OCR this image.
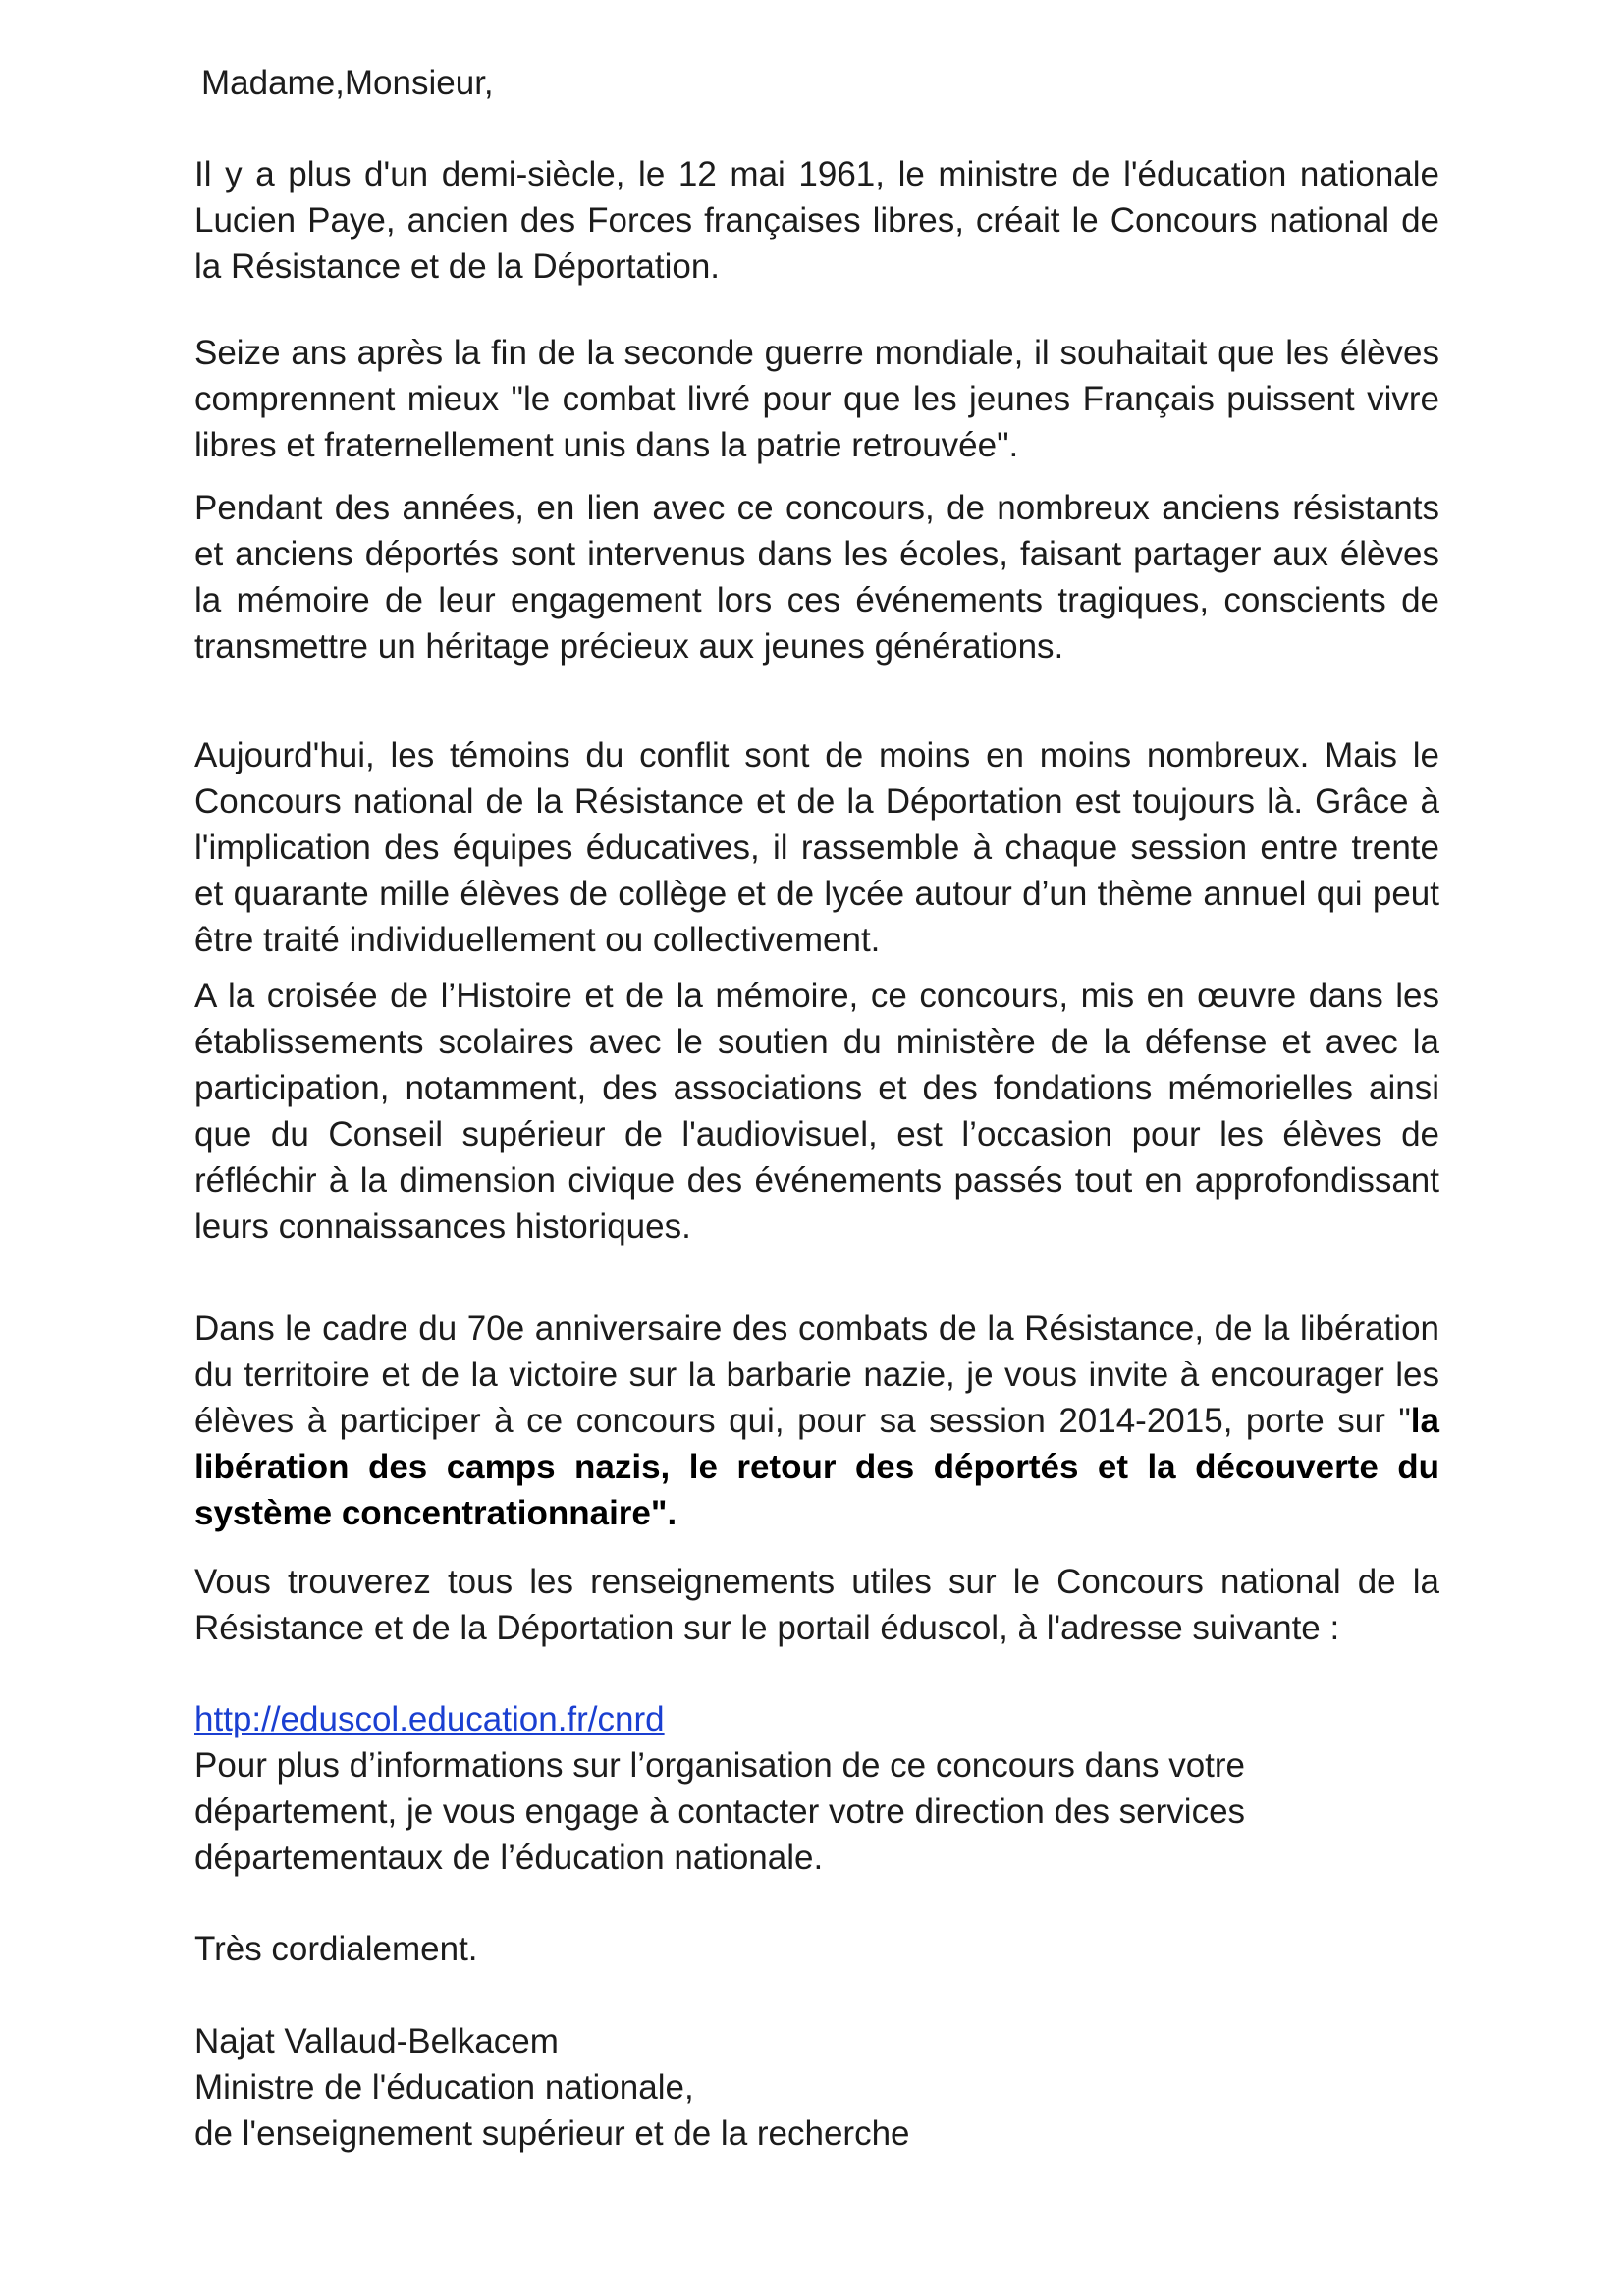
Madame,Monsieur,

Il y a plus d'un demi-siècle, le 12 mai 1961, le ministre de l'éducation nationale Lucien Paye, ancien des Forces françaises libres, créait le Concours national de la Résistance et de la Déportation.

Seize ans après la fin de la seconde guerre mondiale, il souhaitait que les élèves comprennent mieux "le combat livré pour que les jeunes Français puissent vivre libres et fraternellement unis dans la patrie retrouvée".

Pendant des années, en lien avec ce concours, de nombreux anciens résistants et anciens déportés sont intervenus dans les écoles, faisant partager aux élèves la mémoire de leur engagement lors ces événements tragiques, conscients de transmettre un héritage précieux aux jeunes générations.

Aujourd'hui, les témoins du conflit sont de moins en moins nombreux. Mais le Concours national de la Résistance et de la Déportation est toujours là. Grâce à l'implication des équipes éducatives, il rassemble à chaque session entre trente et quarante mille élèves de collège et de lycée autour d’un thème annuel qui peut être traité individuellement ou collectivement.

A la croisée de l’Histoire et de la mémoire, ce concours, mis en œuvre dans les établissements scolaires avec le soutien du ministère de la défense et avec la participation, notamment, des associations et des fondations mémorielles ainsi que du Conseil supérieur de l'audiovisuel, est l’occasion pour les élèves de réfléchir à la dimension civique des événements passés tout en approfondissant leurs connaissances historiques.

Dans le cadre du 70e anniversaire des combats de la Résistance, de la libération du territoire et de la victoire sur la barbarie nazie, je vous invite à encourager les élèves à participer à ce concours qui, pour sa session 2014-2015, porte sur "la libération des camps nazis, le retour des déportés et la découverte du système concentrationnaire".

Vous trouverez tous les renseignements utiles sur le Concours national de la Résistance et de la Déportation sur le portail éduscol, à l'adresse suivante :

http://eduscol.education.fr/cnrd

Pour plus d’informations sur l’organisation de ce concours dans votre département, je vous engage à contacter votre direction des services départementaux de l’éducation nationale.

Très cordialement.

Najat Vallaud-Belkacem

Ministre de l'éducation nationale,

de l'enseignement supérieur et de la recherche
